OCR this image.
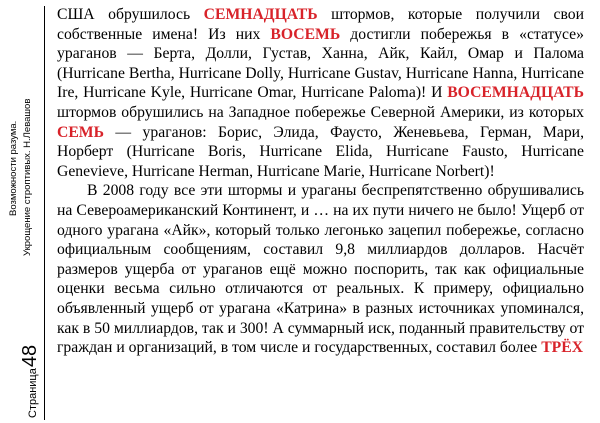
Возможности разума. Укрощение строптивых. Н.Левашов
Страница
48

США обрушилось СЕМНАДЦАТЬ штормов, которые получили свои собственные имена! Из них ВОСЕМЬ достигли побережья в «статусе» ураганов — Берта, Долли, Густав, Ханна, Айк, Кайл, Омар и Палома (Hurricane Bertha, Hurricane Dolly, Hurricane Gustav, Hurricane Hanna, Hurricane Ire, Hurricane Kyle, Hurricane Omar, Hurricane Paloma)! И ВОСЕМНАДЦАТЬ штормов обрушились на Западное побережье Северной Америки, из которых СЕМЬ — ураганов: Борис, Элида, Фаусто, Женевьева, Герман, Мари, Норберт (Hurricane Boris, Hurricane Elida, Hurricane Fausto, Hurricane Genevieve, Hurricane Herman, Hurricane Marie, Hurricane Norbert)!

В 2008 году все эти штормы и ураганы беспрепятственно обрушивались на Североамериканский Континент, и … на их пути ничего не было! Ущерб от одного урагана «Айк», который только легонько зацепил побережье, согласно официальным сообщениям, составил 9,8 миллиардов долларов. Насчёт размеров ущерба от ураганов ещё можно поспорить, так как официальные оценки весьма сильно отличаются от реальных. К примеру, официально объявленный ущерб от урагана «Катрина» в разных источниках упоминался, как в 50 миллиардов, так и 300! А суммарный иск, поданный правительству от граждан и организаций, в том числе и государственных, составил более ТРЁХ
